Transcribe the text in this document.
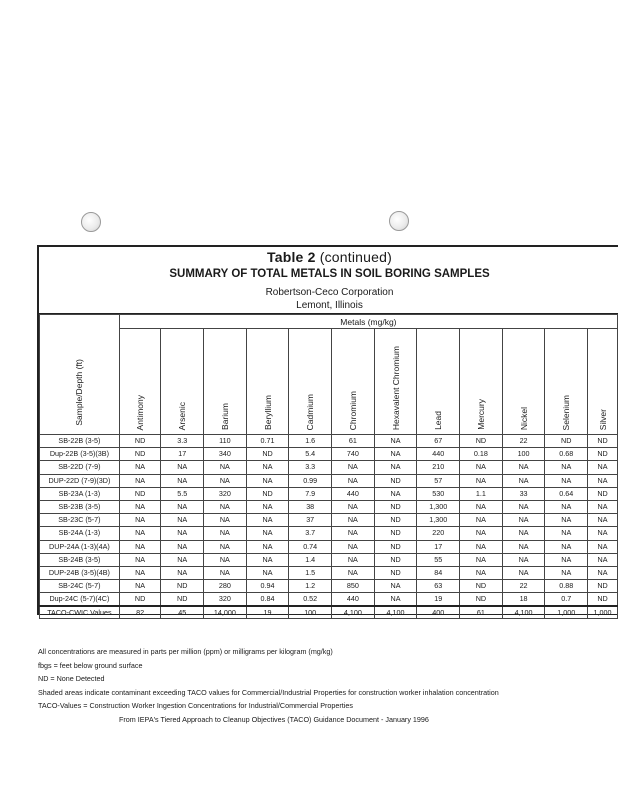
Table 2 (continued)
SUMMARY OF TOTAL METALS IN SOIL BORING SAMPLES
Robertson-Ceco Corporation
Lemont, Illinois
Sample/Depth (ft)	Metals (mg/kg)											

	Antimony	Arsenic	Barium	Beryllium	Cadmium	Chromium	Hexavalent Chromium	Lead	Mercury	Nickel	Selenium	Silver

SB-22B (3-5)	ND	3.3	110	0.71	1.6	61	NA	67	ND	22	ND	ND
Dup-22B (3-5)(3B)	ND	17	340	ND	5.4	740	NA	440	0.18	100	0.68	ND
SB-22D (7-9)	NA	NA	NA	NA	3.3	NA	NA	210	NA	NA	NA	NA
DUP-22D (7-9)(3D)	NA	NA	NA	NA	0.99	NA	ND	57	NA	NA	NA	NA
SB-23A (1-3)	ND	5.5	320	ND	7.9	440	NA	530	1.1	33	0.64	ND
SB-23B (3-5)	NA	NA	NA	NA	38	NA	ND	1,300	NA	NA	NA	NA
SB-23C (5-7)	NA	NA	NA	NA	37	NA	ND	1,300	NA	NA	NA	NA
SB-24A (1-3)	NA	NA	NA	NA	3.7	NA	ND	220	NA	NA	NA	NA
DUP-24A (1-3)(4A)	NA	NA	NA	NA	0.74	NA	ND	17	NA	NA	NA	NA
SB-24B (3-5)	NA	NA	NA	NA	1.4	NA	ND	55	NA	NA	NA	NA
DUP-24B (3-5)(4B)	NA	NA	NA	NA	1.5	NA	ND	84	NA	NA	NA	NA
SB-24C (5-7)	NA	ND	280	0.94	1.2	850	NA	63	ND	22	0.88	ND
Dup-24C (5-7)(4C)	ND	ND	320	0.84	0.52	440	NA	19	ND	18	0.7	ND
TACO-CWIC Values	82	45	14,000	19	100	4,100	4,100	400	61	4,100	1,000	1,000
All concentrations are measured in parts per million (ppm) or milligrams per kilogram (mg/kg)
fbgs = feet below ground surface
ND = None Detected
Shaded areas indicate contaminant exceeding TACO values for Commercial/Industrial Properties for construction worker inhalation concentration
TACO-Values = Construction Worker Ingestion Concentrations for Industrial/Commercial Properties
From IEPA's Tiered Approach to Cleanup Objectives (TACO) Guidance Document - January 1996
